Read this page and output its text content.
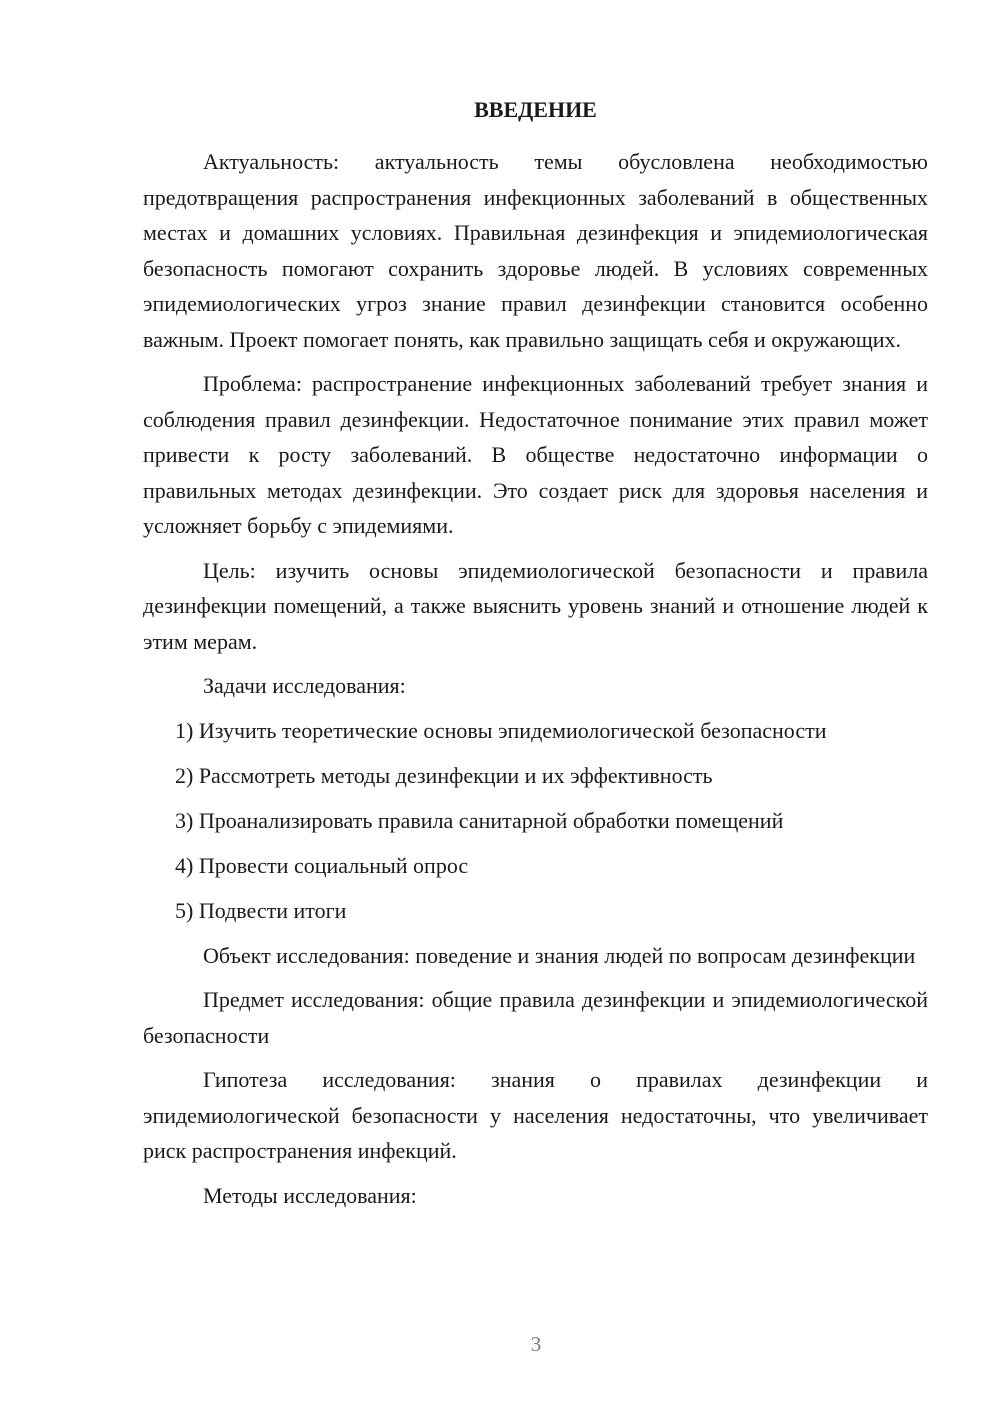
ВВЕДЕНИЕ

Актуальность: актуальность темы обусловлена необходимостью предотвращения распространения инфекционных заболеваний в общественных местах и домашних условиях. Правильная дезинфекция и эпидемиологическая безопасность помогают сохранить здоровье людей. В условиях современных эпидемиологических угроз знание правил дезинфекции становится особенно важным. Проект помогает понять, как правильно защищать себя и окружающих.

Проблема: распространение инфекционных заболеваний требует знания и соблюдения правил дезинфекции. Недостаточное понимание этих правил может привести к росту заболеваний. В обществе недостаточно информации о правильных методах дезинфекции. Это создает риск для здоровья населения и усложняет борьбу с эпидемиями.

Цель: изучить основы эпидемиологической безопасности и правила дезинфекции помещений, а также выяснить уровень знаний и отношение людей к этим мерам.

Задачи исследования:

1) Изучить теоретические основы эпидемиологической безопасности
2) Рассмотреть методы дезинфекции и их эффективность
3) Проанализировать правила санитарной обработки помещений
4) Провести социальный опрос
5) Подвести итоги

Объект исследования: поведение и знания людей по вопросам дезинфекции

Предмет исследования: общие правила дезинфекции и эпидемиологической безопасности

Гипотеза исследования: знания о правилах дезинфекции и эпидемиологической безопасности у населения недостаточны, что увеличивает риск распространения инфекций.

Методы исследования:

3
